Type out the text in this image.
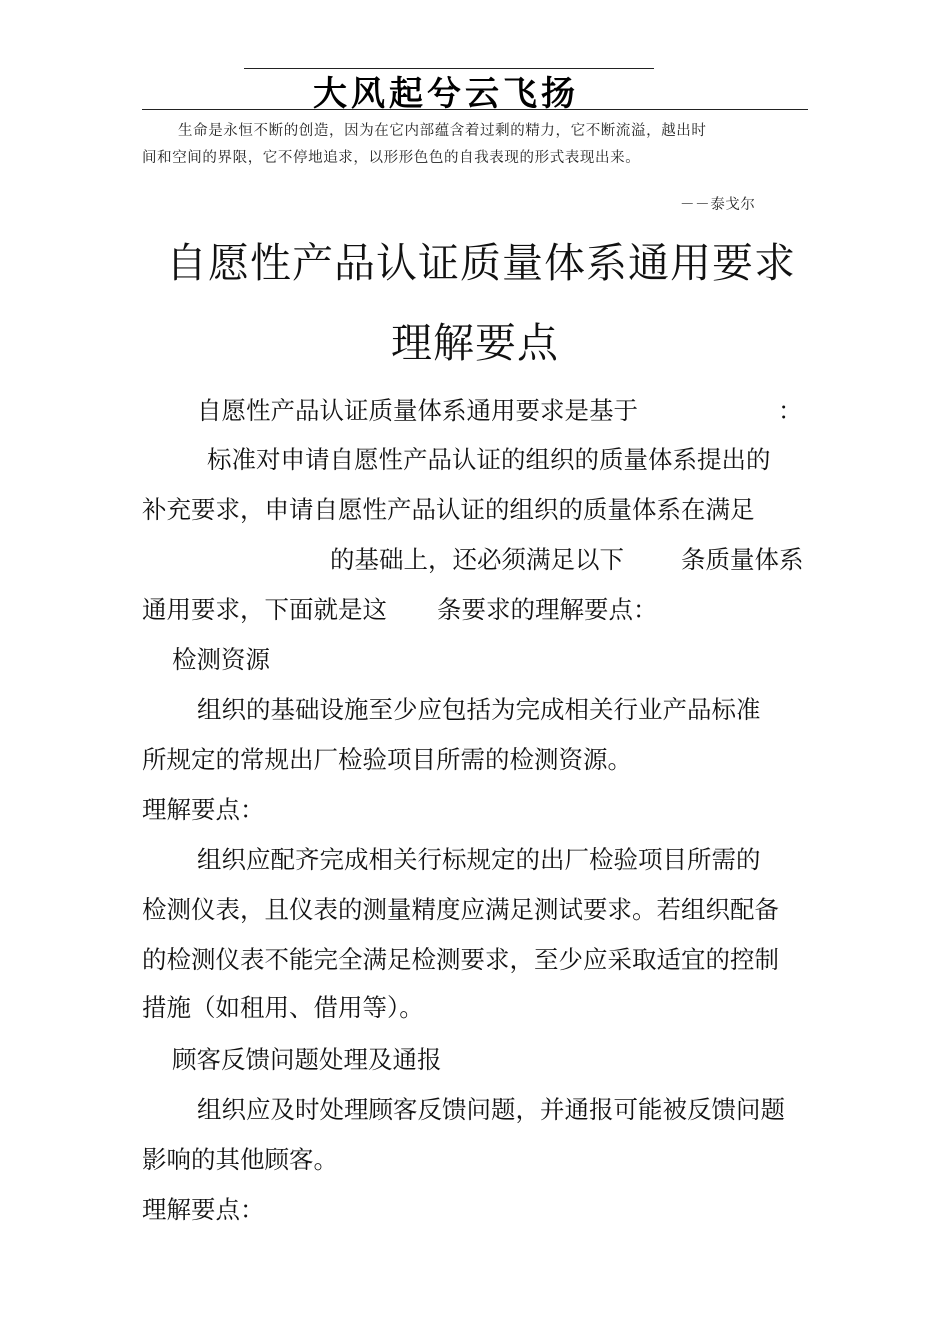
大风起兮云飞扬
生命是永恒不断的创造，因为在它内部蕴含着过剩的精力，它不断流溢，越出时
间和空间的界限，它不停地追求，以形形色色的自我表现的形式表现出来。
－－泰戈尔
自愿性产品认证质量体系通用要求
理解要点
自愿性产品认证质量体系通用要求是基于	：
标准对申请自愿性产品认证的组织的质量体系提出的
补充要求，申请自愿性产品认证的组织的质量体系在满足
的基础上，还必须满足以下 条质量体系
通用要求，下面就是这 条要求的理解要点：
检测资源
组织的基础设施至少应包括为完成相关行业产品标准
所规定的常规出厂检验项目所需的检测资源。
理解要点：
组织应配齐完成相关行标规定的出厂检验项目所需的
检测仪表，且仪表的测量精度应满足测试要求。若组织配备
的检测仪表不能完全满足检测要求，至少应采取适宜的控制
措施（如租用、借用等）。
顾客反馈问题处理及通报
组织应及时处理顾客反馈问题，并通报可能被反馈问题
影响的其他顾客。
理解要点：
